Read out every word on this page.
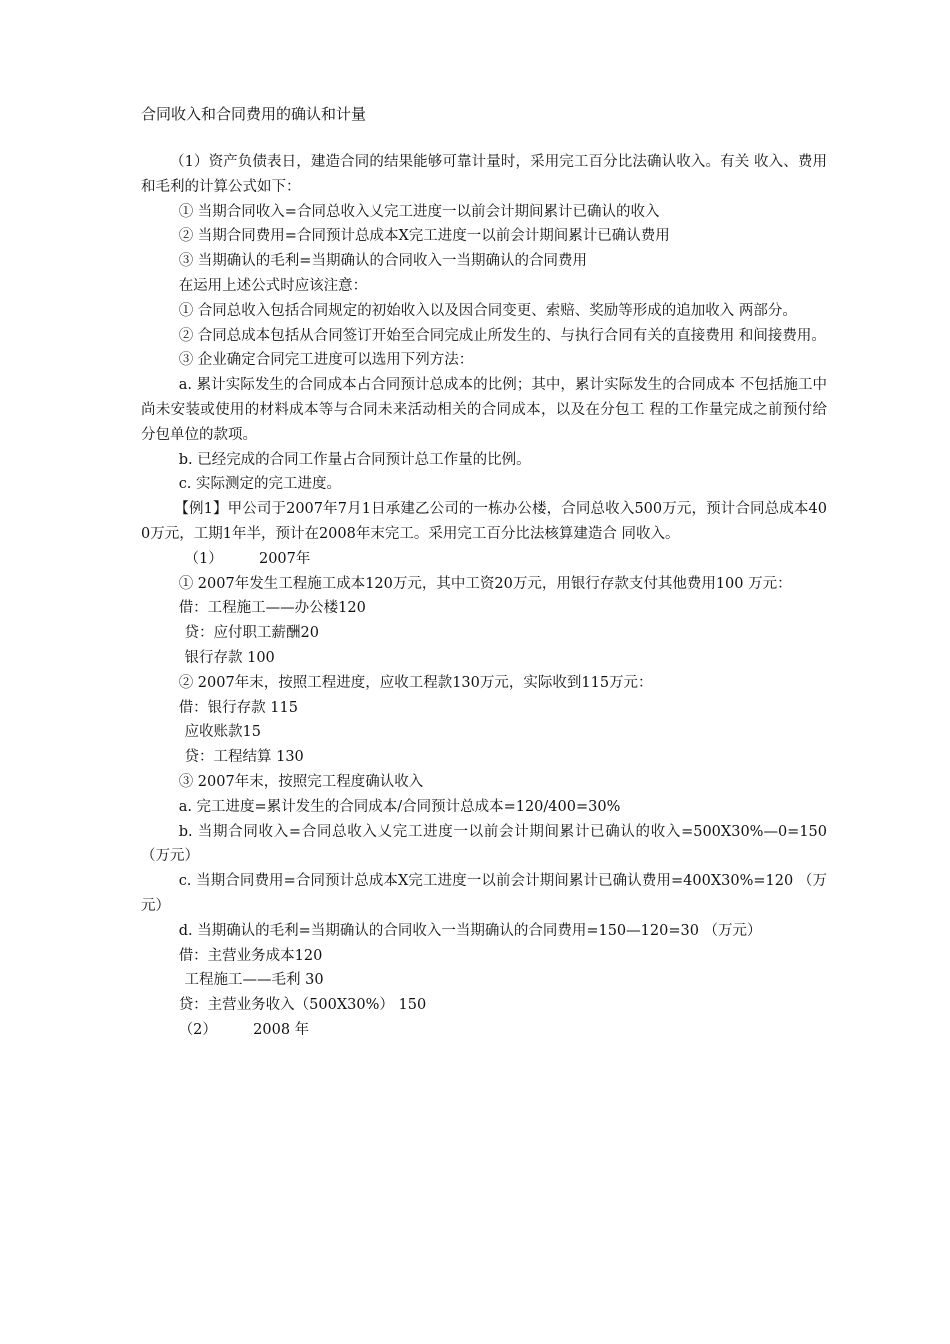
合同收入和合同费用的确认和计量

（1）资产负债表日，建造合同的结果能够可靠计量时，采用完工百分比法确认收入。有关 收入、费用和毛利的计算公式如下：

① 当期合同收入=合同总收入乂完工进度一以前会计期间累计已确认的收入

② 当期合同费用=合同预计总成本X完工进度一以前会计期间累计已确认费用

③ 当期确认的毛利=当期确认的合同收入一当期确认的合同费用

在运用上述公式时应该注意：

① 合同总收入包括合同规定的初始收入以及因合同变更、索赔、奖励等形成的追加收入 两部分。

② 合同总成本包括从合同签订开始至合同完成止所发生的、与执行合同有关的直接费用 和间接费用。

③ 企业确定合同完工进度可以选用下列方法：

a. 累计实际发生的合同成本占合同预计总成本的比例；其中，累计实际发生的合同成本 不包括施工中尚未安装或使用的材料成本等与合同未来活动相关的合同成本，以及在分包工 程的工作量完成之前预付给分包单位的款项。

b. 已经完成的合同工作量占合同预计总工作量的比例。

c. 实际测定的完工进度。

【例1】甲公司于2007年7月1日承建乙公司的一栋办公楼，合同总收入500万元，预计合同总成本400万元，工期1年半，预计在2008年末完工。采用完工百分比法核算建造合 同收入。

（1）　　　2007年

① 2007年发生工程施工成本120万元，其中工资20万元，用银行存款支付其他费用100 万元：

借：工程施工——办公楼120

贷：应付职工薪酬20

银行存款 100

② 2007年末，按照工程进度，应收工程款130万元，实际收到115万元：

借：银行存款 115

应收账款15

贷：工程结算 130

③ 2007年末，按照完工程度确认收入

a. 完工进度=累计发生的合同成本/合同预计总成本=120/400=30%

b. 当期合同收入=合同总收入乂完工进度一以前会计期间累计已确认的收入=500X30%—0=150 （万元）

c. 当期合同费用=合同预计总成本X完工进度一以前会计期间累计已确认费用=400X30%=120 （万元）

d. 当期确认的毛利=当期确认的合同收入一当期确认的合同费用=150—120=30 （万元）

借：主营业务成本120

工程施工——毛利 30

贷：主营业务收入（500X30%） 150

（2）　　　2008 年
